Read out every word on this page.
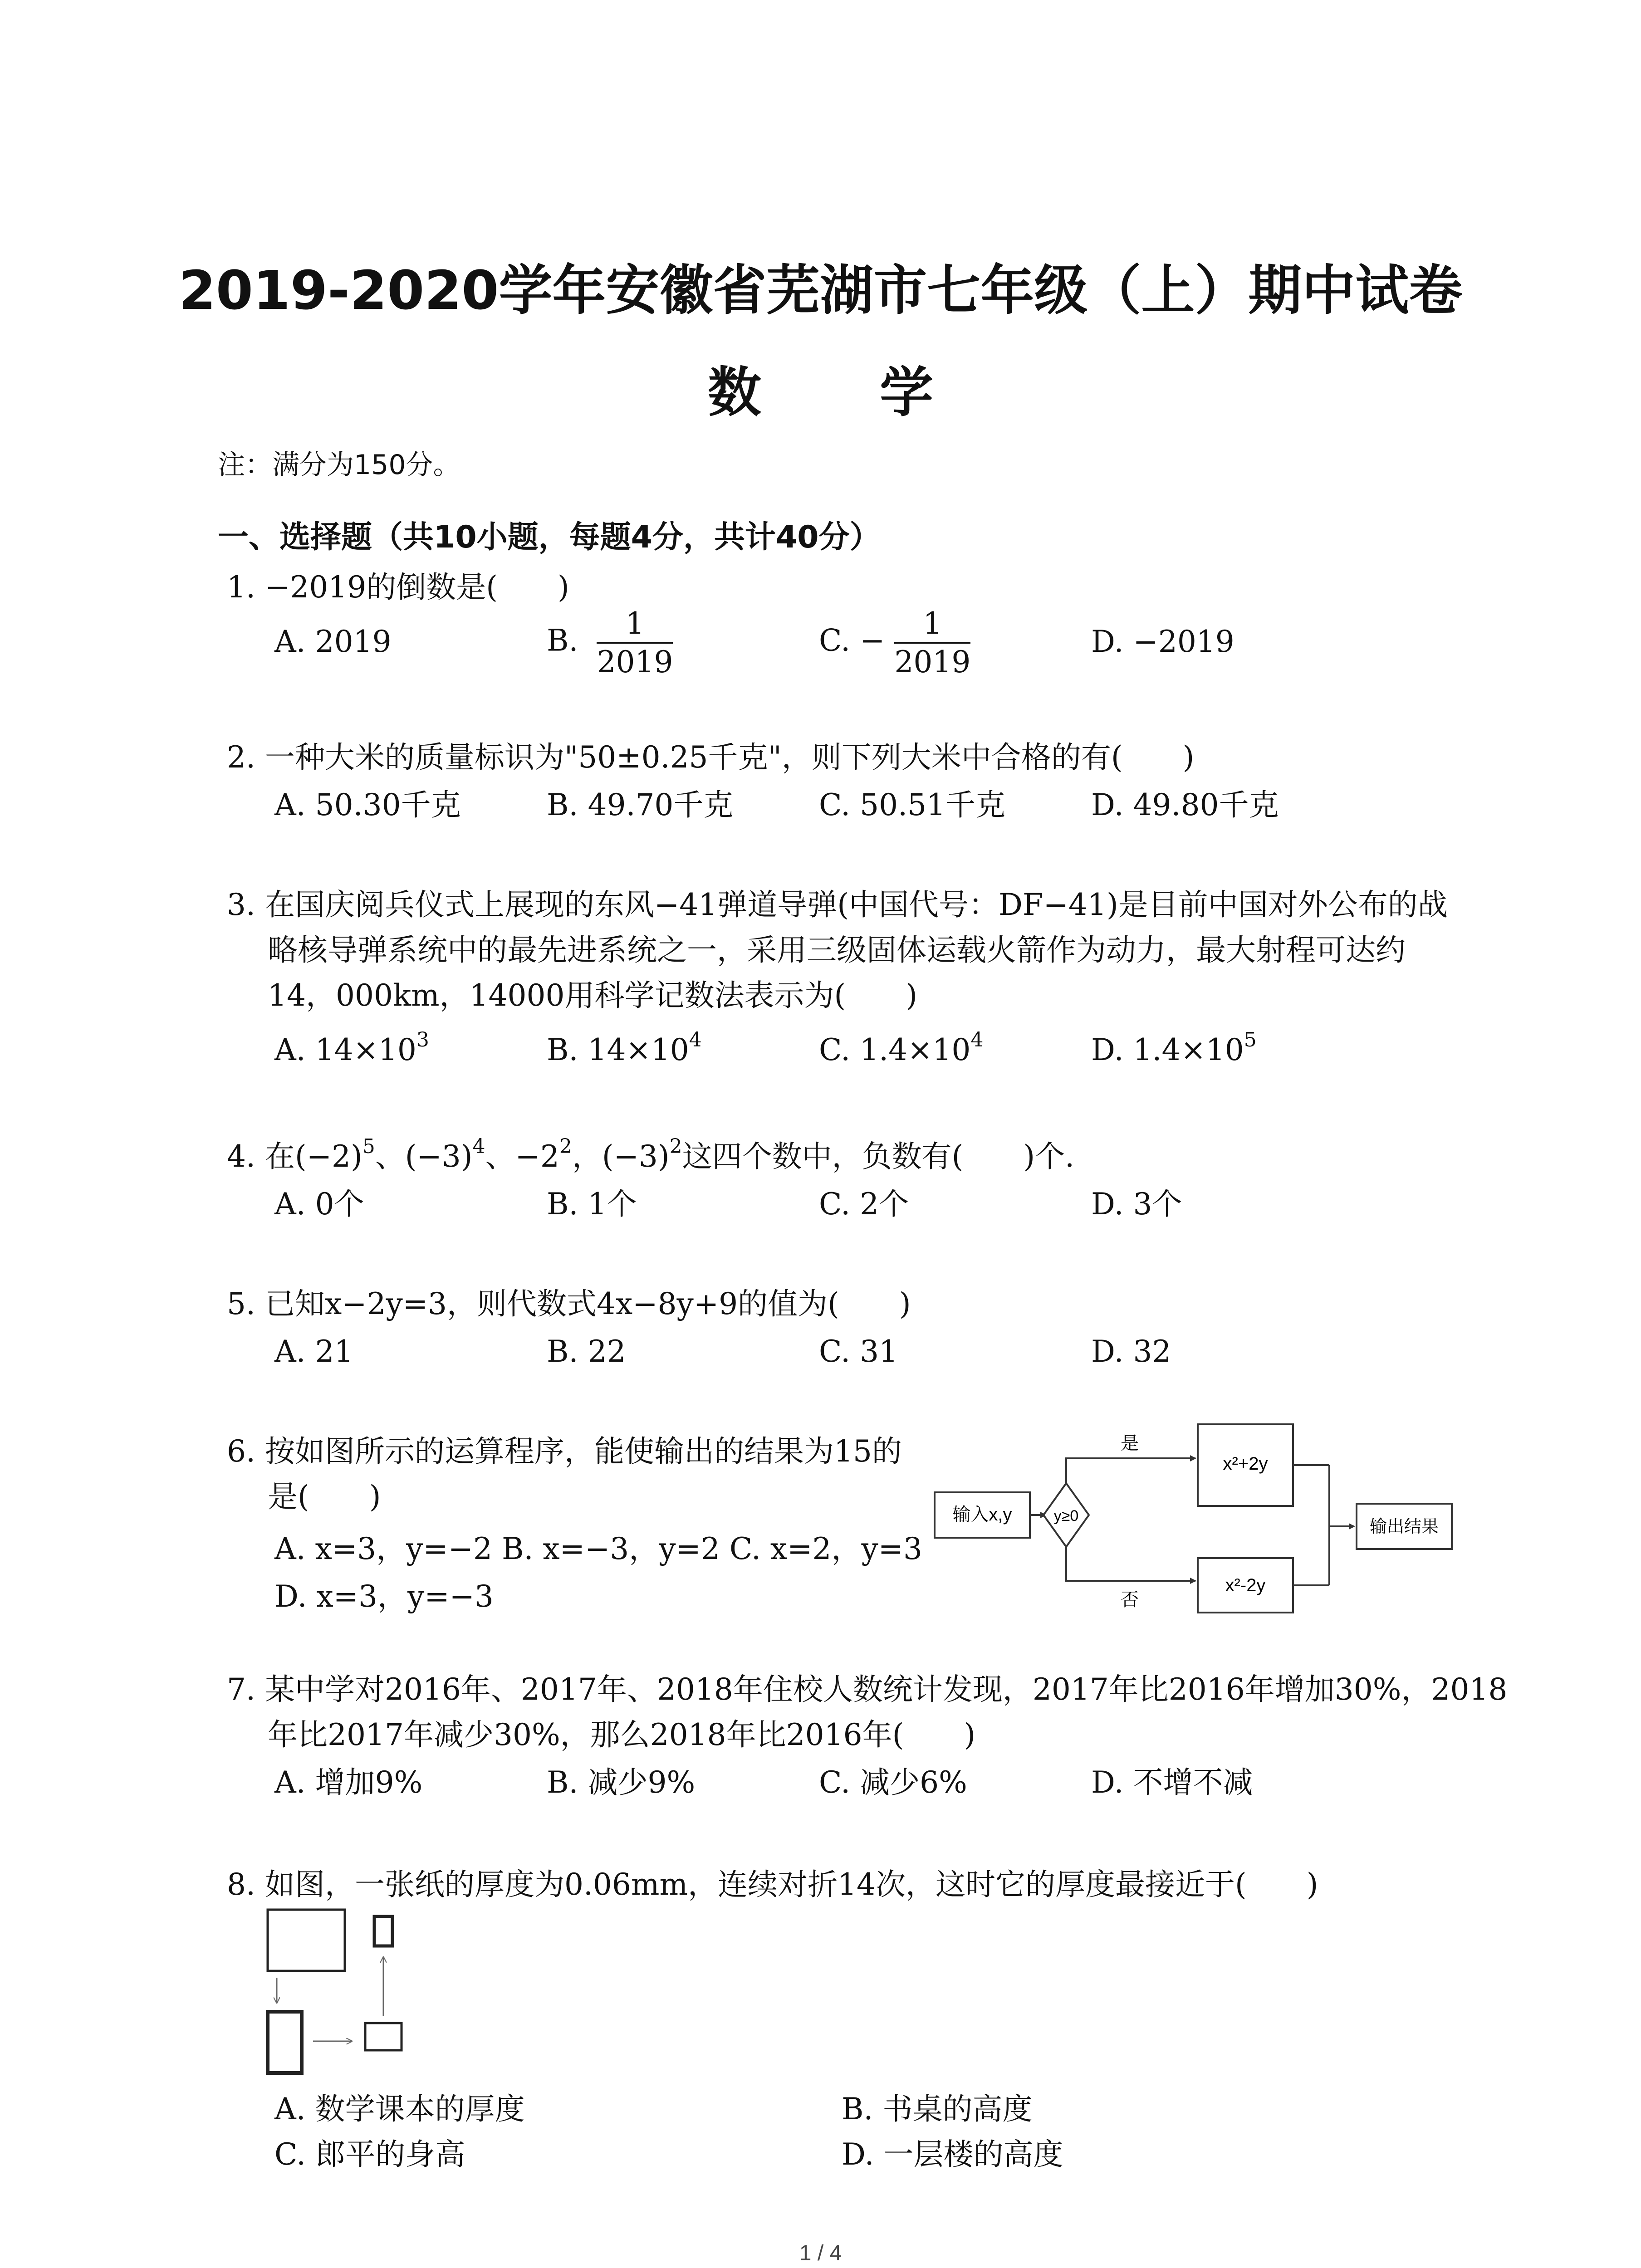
2019-2020学年安徽省芜湖市七年级（上）期中试卷
数 学
注：满分为150分。
一、选择题（共10小题，每题4分，共计40分）
1. −2019的倒数是(　　)
A. 2019	B. $\frac{1}{2019}$	C. − $\frac{1}{2019}$	D. −2019
2. 一种大米的质量标识为"50±0.25千克"，则下列大米中合格的有(　　)
A. 50.30千克	B. 49.70千克	C. 50.51千克	D. 49.80千克
3. 在国庆阅兵仪式上展现的东风−41弹道导弹(中国代号：DF−41)是目前中国对外公布的战
略核导弹系统中的最先进系统之一，采用三级固体运载火箭作为动力，最大射程可达约
14，000km，14000用科学记数法表示为(　　)
A. $14\times 10^3$	B. $14\times 10^4$	C. $1.4\times 10^4$	D. $1.4\times 10^5$
4. 在$(-2)^5$、$(-3)^4$、$-2^2$，$(-3)^2$这四个数中，负数有(　　)个.
A. 0个	B. 1个	C. 2个	D. 3个
5. 已知x−2y=3，则代数式4x−8y+9的值为(　　)
A. 21	B. 22	C. 31	D. 32
6. 按如图所示的运算程序，能使输出的结果为15的
是(　　)
A. x=3，y=−2 B. x=−3，y=2 C. x=2，y=3
D. x=3，y=−3
输入x,y	y≥0
是
x²+2y
否
x²-2y
输出结果
7. 某中学对2016年、2017年、2018年住校人数统计发现，2017年比2016年增加30%，2018
年比2017年减少30%，那么2018年比2016年(　　)
A. 增加9%	B. 减少9%	C. 减少6%	D. 不增不减
8. 如图，一张纸的厚度为0.06mm，连续对折14次，这时它的厚度最接近于(　　)
A. 数学课本的厚度	B. 书桌的高度
C. 郎平的身高	D. 一层楼的高度
1 / 4
